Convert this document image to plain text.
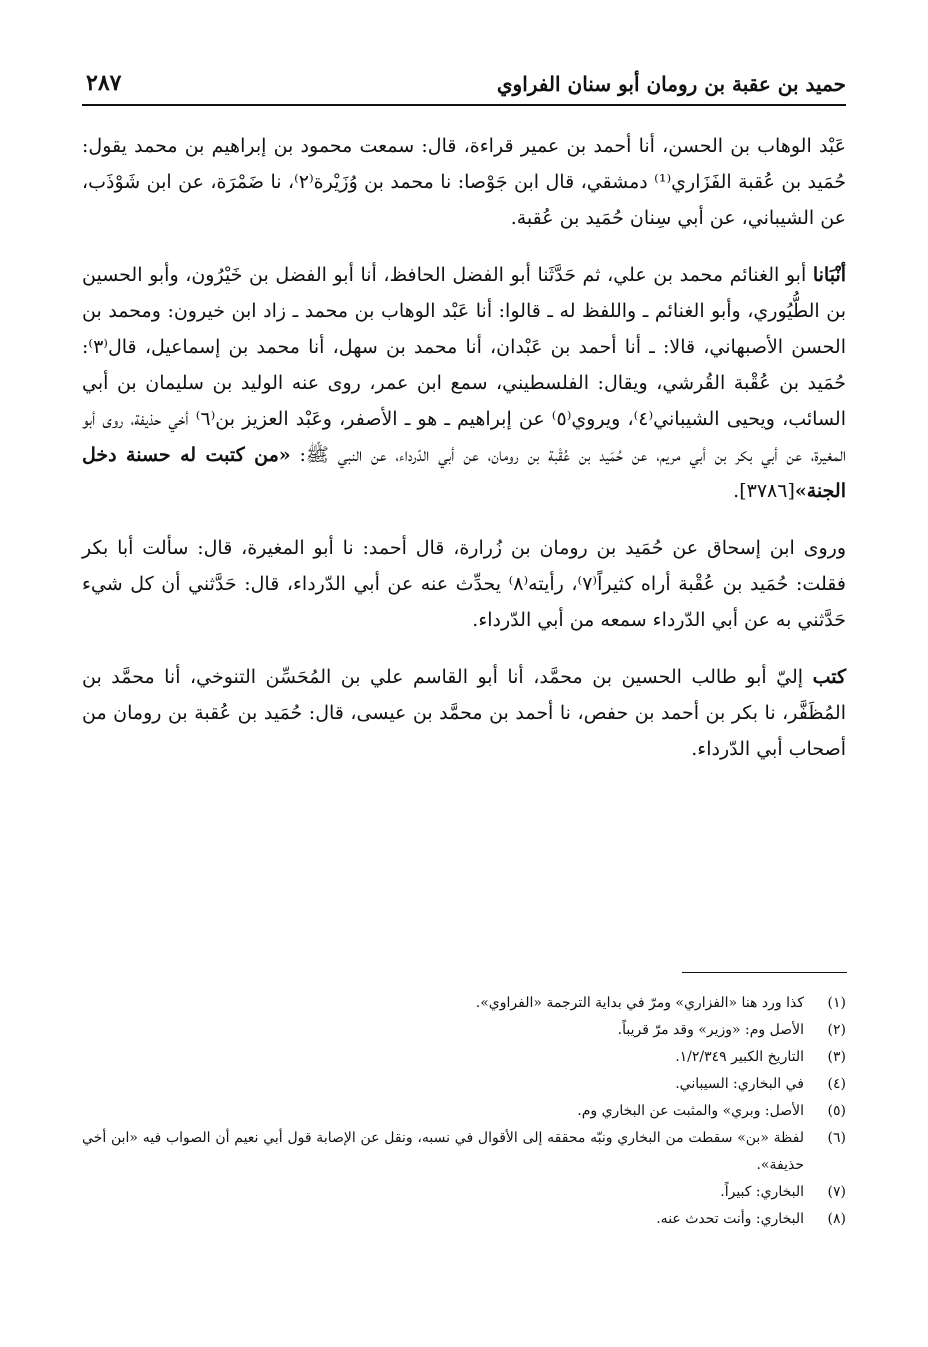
حميد بن عقبة بن رومان أبو سنان الفراوي
٢٨٧

عَبْد الوهاب بن الحسن، أنا أحمد بن عمير قراءة، قال: سمعت محمود بن إبراهيم بن محمد يقول: حُمَيد بن عُقبة الفَزَاري⁽¹⁾ دمشقي، قال ابن جَوْصا: نا محمد بن وُزَيْرة⁽٢⁾، نا ضَمْرَة، عن ابن شَوْذَب، عن الشيباني، عن أبي سِنان حُمَيد بن عُقبة.

أنْبَانا أبو الغنائم محمد بن علي، ثم حَدَّثَنا أبو الفضل الحافظ، أنا أبو الفضل بن خَيْرُون، وأبو الحسين بن الطُّيُوري، وأبو الغنائم ـ واللفظ له ـ قالوا: أنا عَبْد الوهاب بن محمد ـ زاد ابن خيرون: ومحمد بن الحسن الأصبهاني، قالا: ـ أنا أحمد بن عَبْدان، أنا محمد بن سهل، أنا محمد بن إسماعيل، قال⁽٣⁾: حُمَيد بن عُقْبة القُرشي، ويقال: الفلسطيني، سمع ابن عمر، روى عنه الوليد بن سليمان بن أبي السائب، ويحيى الشيباني⁽٤⁾، ويروي⁽٥⁾ عن إبراهيم ـ هو ـ الأصفر، وعَبْد العزيز بن⁽٦⁾ أخي حذيفة، روى أبو المغيرة، عن أبي بكر بن أبي مريم، عن حُمَيد بن عُقْبة بن رومان، عن أبي الدّرداء، عن النبي ﷺ: «من كتبت له حسنة دخل الجنة»[٣٧٨٦].

وروى ابن إسحاق عن حُمَيد بن رومان بن زُرارة، قال أحمد: نا أبو المغيرة، قال: سألت أبا بكر فقلت: حُمَيد بن عُقْبة أراه كثيراً⁽٧⁾، رأيته⁽٨⁾ يحدِّث عنه عن أبي الدّرداء، قال: حَدَّثني أن كل شيء حَدَّثني به عن أبي الدّرداء سمعه من أبي الدّرداء.

كتب إليّ أبو طالب الحسين بن محمَّد، أنا أبو القاسم علي بن المُحَسِّن التنوخي، أنا محمَّد بن المُظَفَّر، نا بكر بن أحمد بن حفص، نا أحمد بن محمَّد بن عيسى، قال: حُمَيد بن عُقبة بن رومان من أصحاب أبي الدّرداء.

(١)
كذا ورد هنا «الفزاري» ومرّ في بداية الترجمة «الفراوي».
(٢)
الأصل وم: «وزير» وقد مرّ قريباً.
(٣)
التاريخ الكبير ١/٢/٣٤٩.
(٤)
في البخاري: السيباني.
(٥)
الأصل: وبري» والمثبت عن البخاري وم.
(٦)
لفظة «بن» سقطت من البخاري ونبّه محققه إلى الأقوال في نسبه، ونقل عن الإصابة قول أبي نعيم أن الصواب فيه «ابن أخي حذيفة».
(٧)
البخاري: كبيراً.
(٨)
البخاري: وأنت تحدث عنه.
